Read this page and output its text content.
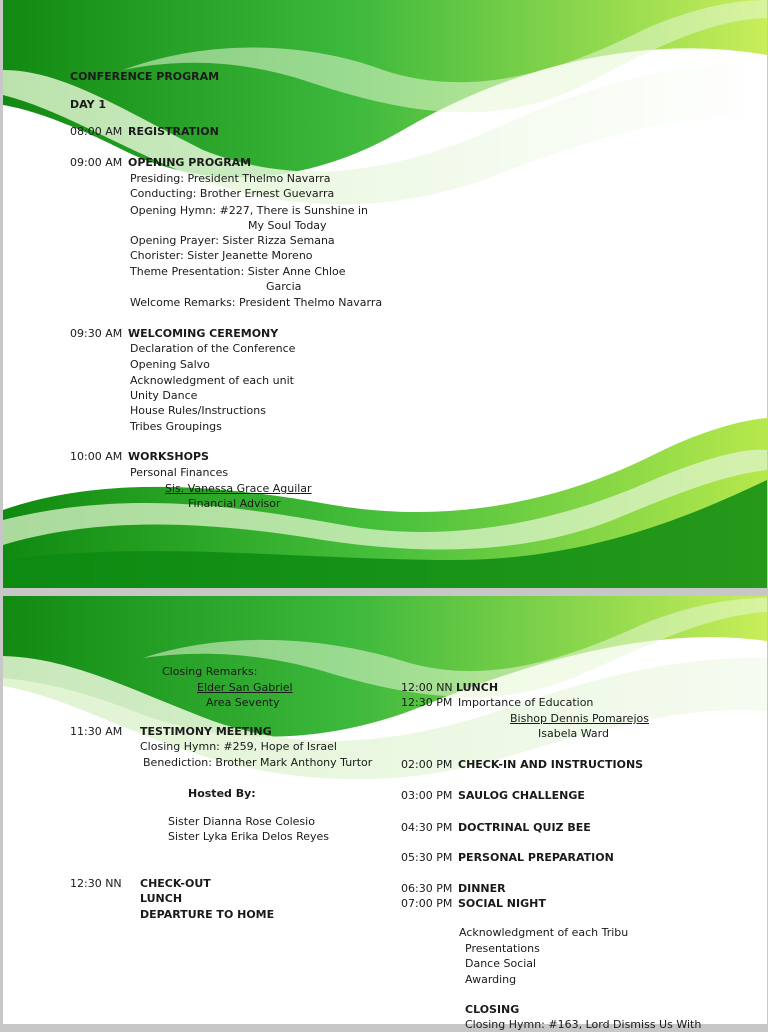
CONFERENCE PROGRAM
DAY 1
08:00 AM REGISTRATION
09:00 AM OPENING PROGRAM
Presiding: President Thelmo Navarra
Conducting: Brother Ernest Guevarra
Opening Hymn: #227, There is Sunshine in
My Soul Today
Opening Prayer: Sister Rizza Semana
Chorister: Sister Jeanette Moreno
Theme Presentation: Sister Anne Chloe
Garcia
Welcome Remarks: President Thelmo Navarra
09:30 AM WELCOMING CEREMONY
Declaration of the Conference
Opening Salvo
Acknowledgment of each unit
Unity Dance
House Rules/Instructions
Tribes Groupings
10:00 AM WORKSHOPS
Personal Finances
Sis. Vanessa Grace Aguilar
Financial Advisor
Closing Remarks:
Elder San Gabriel
Area Seventy
11:30 AM TESTIMONY MEETING
Closing Hymn: #259, Hope of Israel
Benediction: Brother Mark Anthony Turtor
Hosted By:
Sister Dianna Rose Colesio
Sister Lyka Erika Delos Reyes
12:30 NN CHECK-OUT
LUNCH
DEPARTURE TO HOME
12:00 NN LUNCH
12:30 PM Importance of Education
Bishop Dennis Pomarejos
Isabela Ward
02:00 PM CHECK-IN AND INSTRUCTIONS
03:00 PM SAULOG CHALLENGE
04:30 PM DOCTRINAL QUIZ BEE
05:30 PM PERSONAL PREPARATION
06:30 PM DINNER
07:00 PM SOCIAL NIGHT
Acknowledgment of each Tribu
Presentations
Dance Social
Awarding
CLOSING
Closing Hymn: #163, Lord Dismiss Us With
